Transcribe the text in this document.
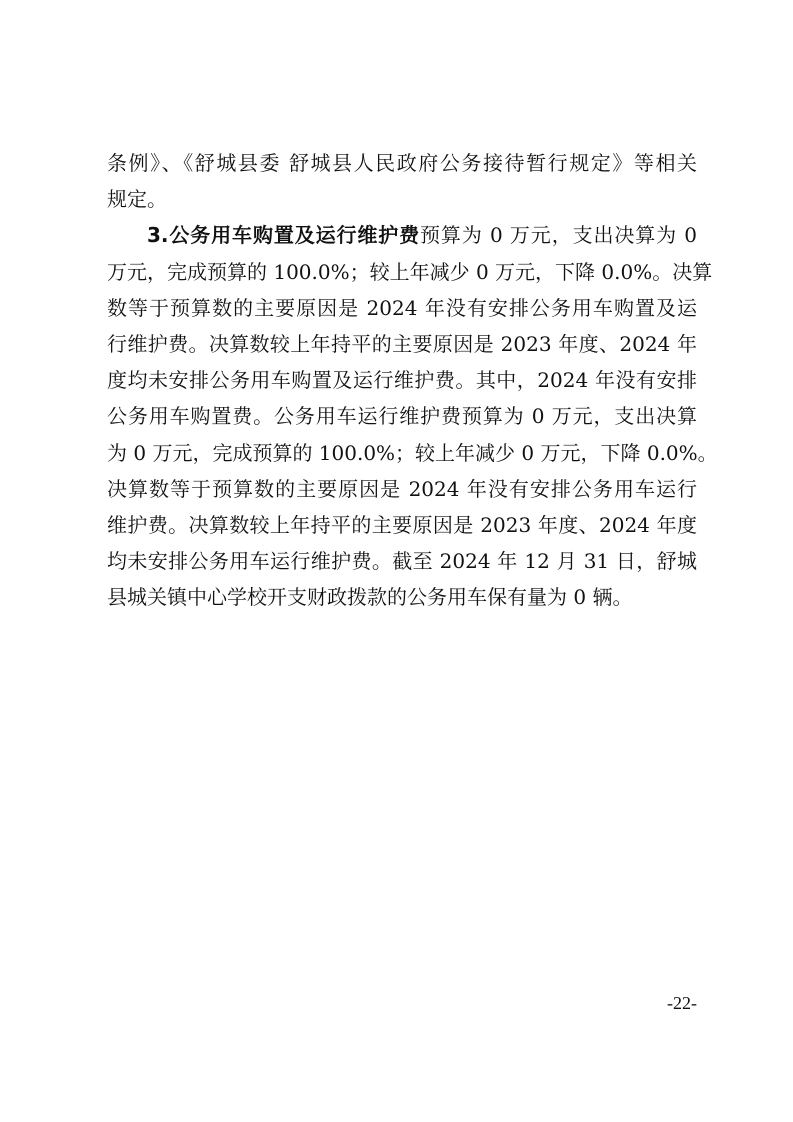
条例》、《舒城县委 舒城县人民政府公务接待暂行规定》等相关
规定。
3.公务用车购置及运行维护费预算为 0 万元，支出决算为 0
万元，完成预算的 100.0%；较上年减少 0 万元，下降 0.0%。决算
数等于预算数的主要原因是 2024 年没有安排公务用车购置及运
行维护费。决算数较上年持平的主要原因是 2023 年度、2024 年
度均未安排公务用车购置及运行维护费。其中，2024 年没有安排
公务用车购置费。公务用车运行维护费预算为 0 万元，支出决算
为 0 万元，完成预算的 100.0%；较上年减少 0 万元，下降 0.0%。
决算数等于预算数的主要原因是 2024 年没有安排公务用车运行
维护费。决算数较上年持平的主要原因是 2023 年度、2024 年度
均未安排公务用车运行维护费。截至 2024 年 12 月 31 日，舒城
县城关镇中心学校开支财政拨款的公务用车保有量为 0 辆。
-22-
